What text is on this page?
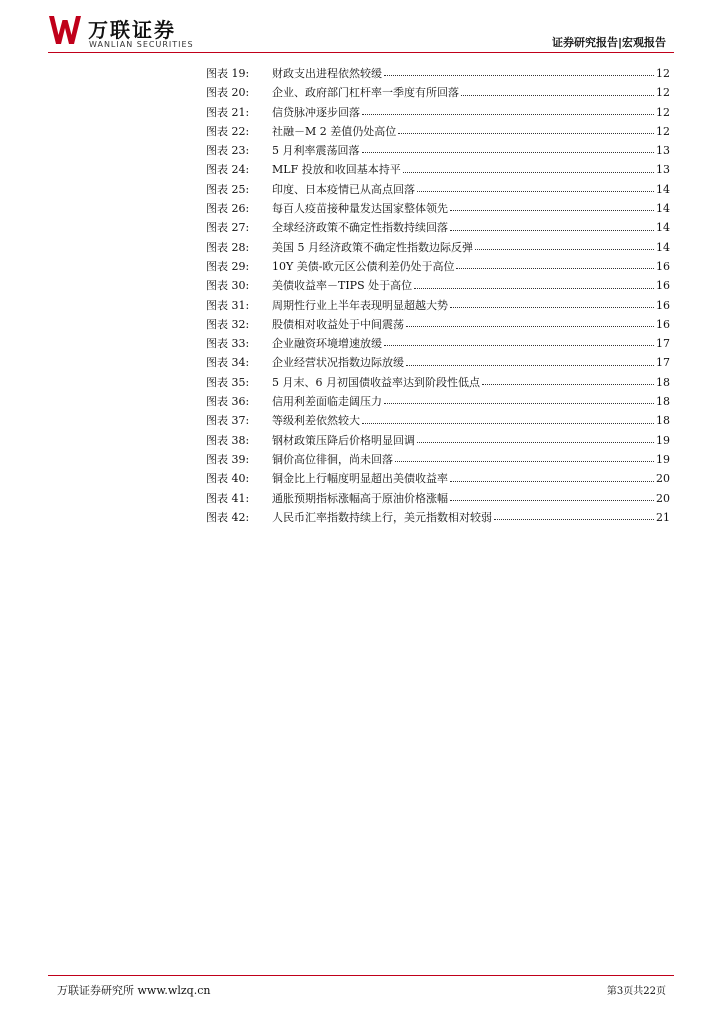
万联证券
WANLIAN SECURITIES	证券研究报告|宏观报告
图表 19:	财政支出进程依然较缓	12
图表 20:	企业、政府部门杠杆率一季度有所回落	12
图表 21:	信贷脉冲逐步回落	12
图表 22:	社融－M 2 差值仍处高位	12
图表 23:	5 月利率震荡回落	13
图表 24:	MLF 投放和收回基本持平	13
图表 25:	印度、日本疫情已从高点回落	14
图表 26:	每百人疫苗接种量发达国家整体领先	14
图表 27:	全球经济政策不确定性指数持续回落	14
图表 28:	美国 5 月经济政策不确定性指数边际反弹	14
图表 29:	10Y 美债-欧元区公债利差仍处于高位	16
图表 30:	美债收益率－TIPS 处于高位	16
图表 31:	周期性行业上半年表现明显超越大势	16
图表 32:	股债相对收益处于中间震荡	16
图表 33:	企业融资环境增速放缓	17
图表 34:	企业经营状况指数边际放缓	17
图表 35:	5 月末、6 月初国债收益率达到阶段性低点	18
图表 36:	信用利差面临走阔压力	18
图表 37:	等级利差依然较大	18
图表 38:	钢材政策压降后价格明显回调	19
图表 39:	铜价高位徘徊，尚未回落	19
图表 40:	铜金比上行幅度明显超出美债收益率	20
图表 41:	通胀预期指标涨幅高于原油价格涨幅	20
图表 42:	人民币汇率指数持续上行，美元指数相对较弱	21
万联证券研究所 www.wlzq.cn	第3页共22页
